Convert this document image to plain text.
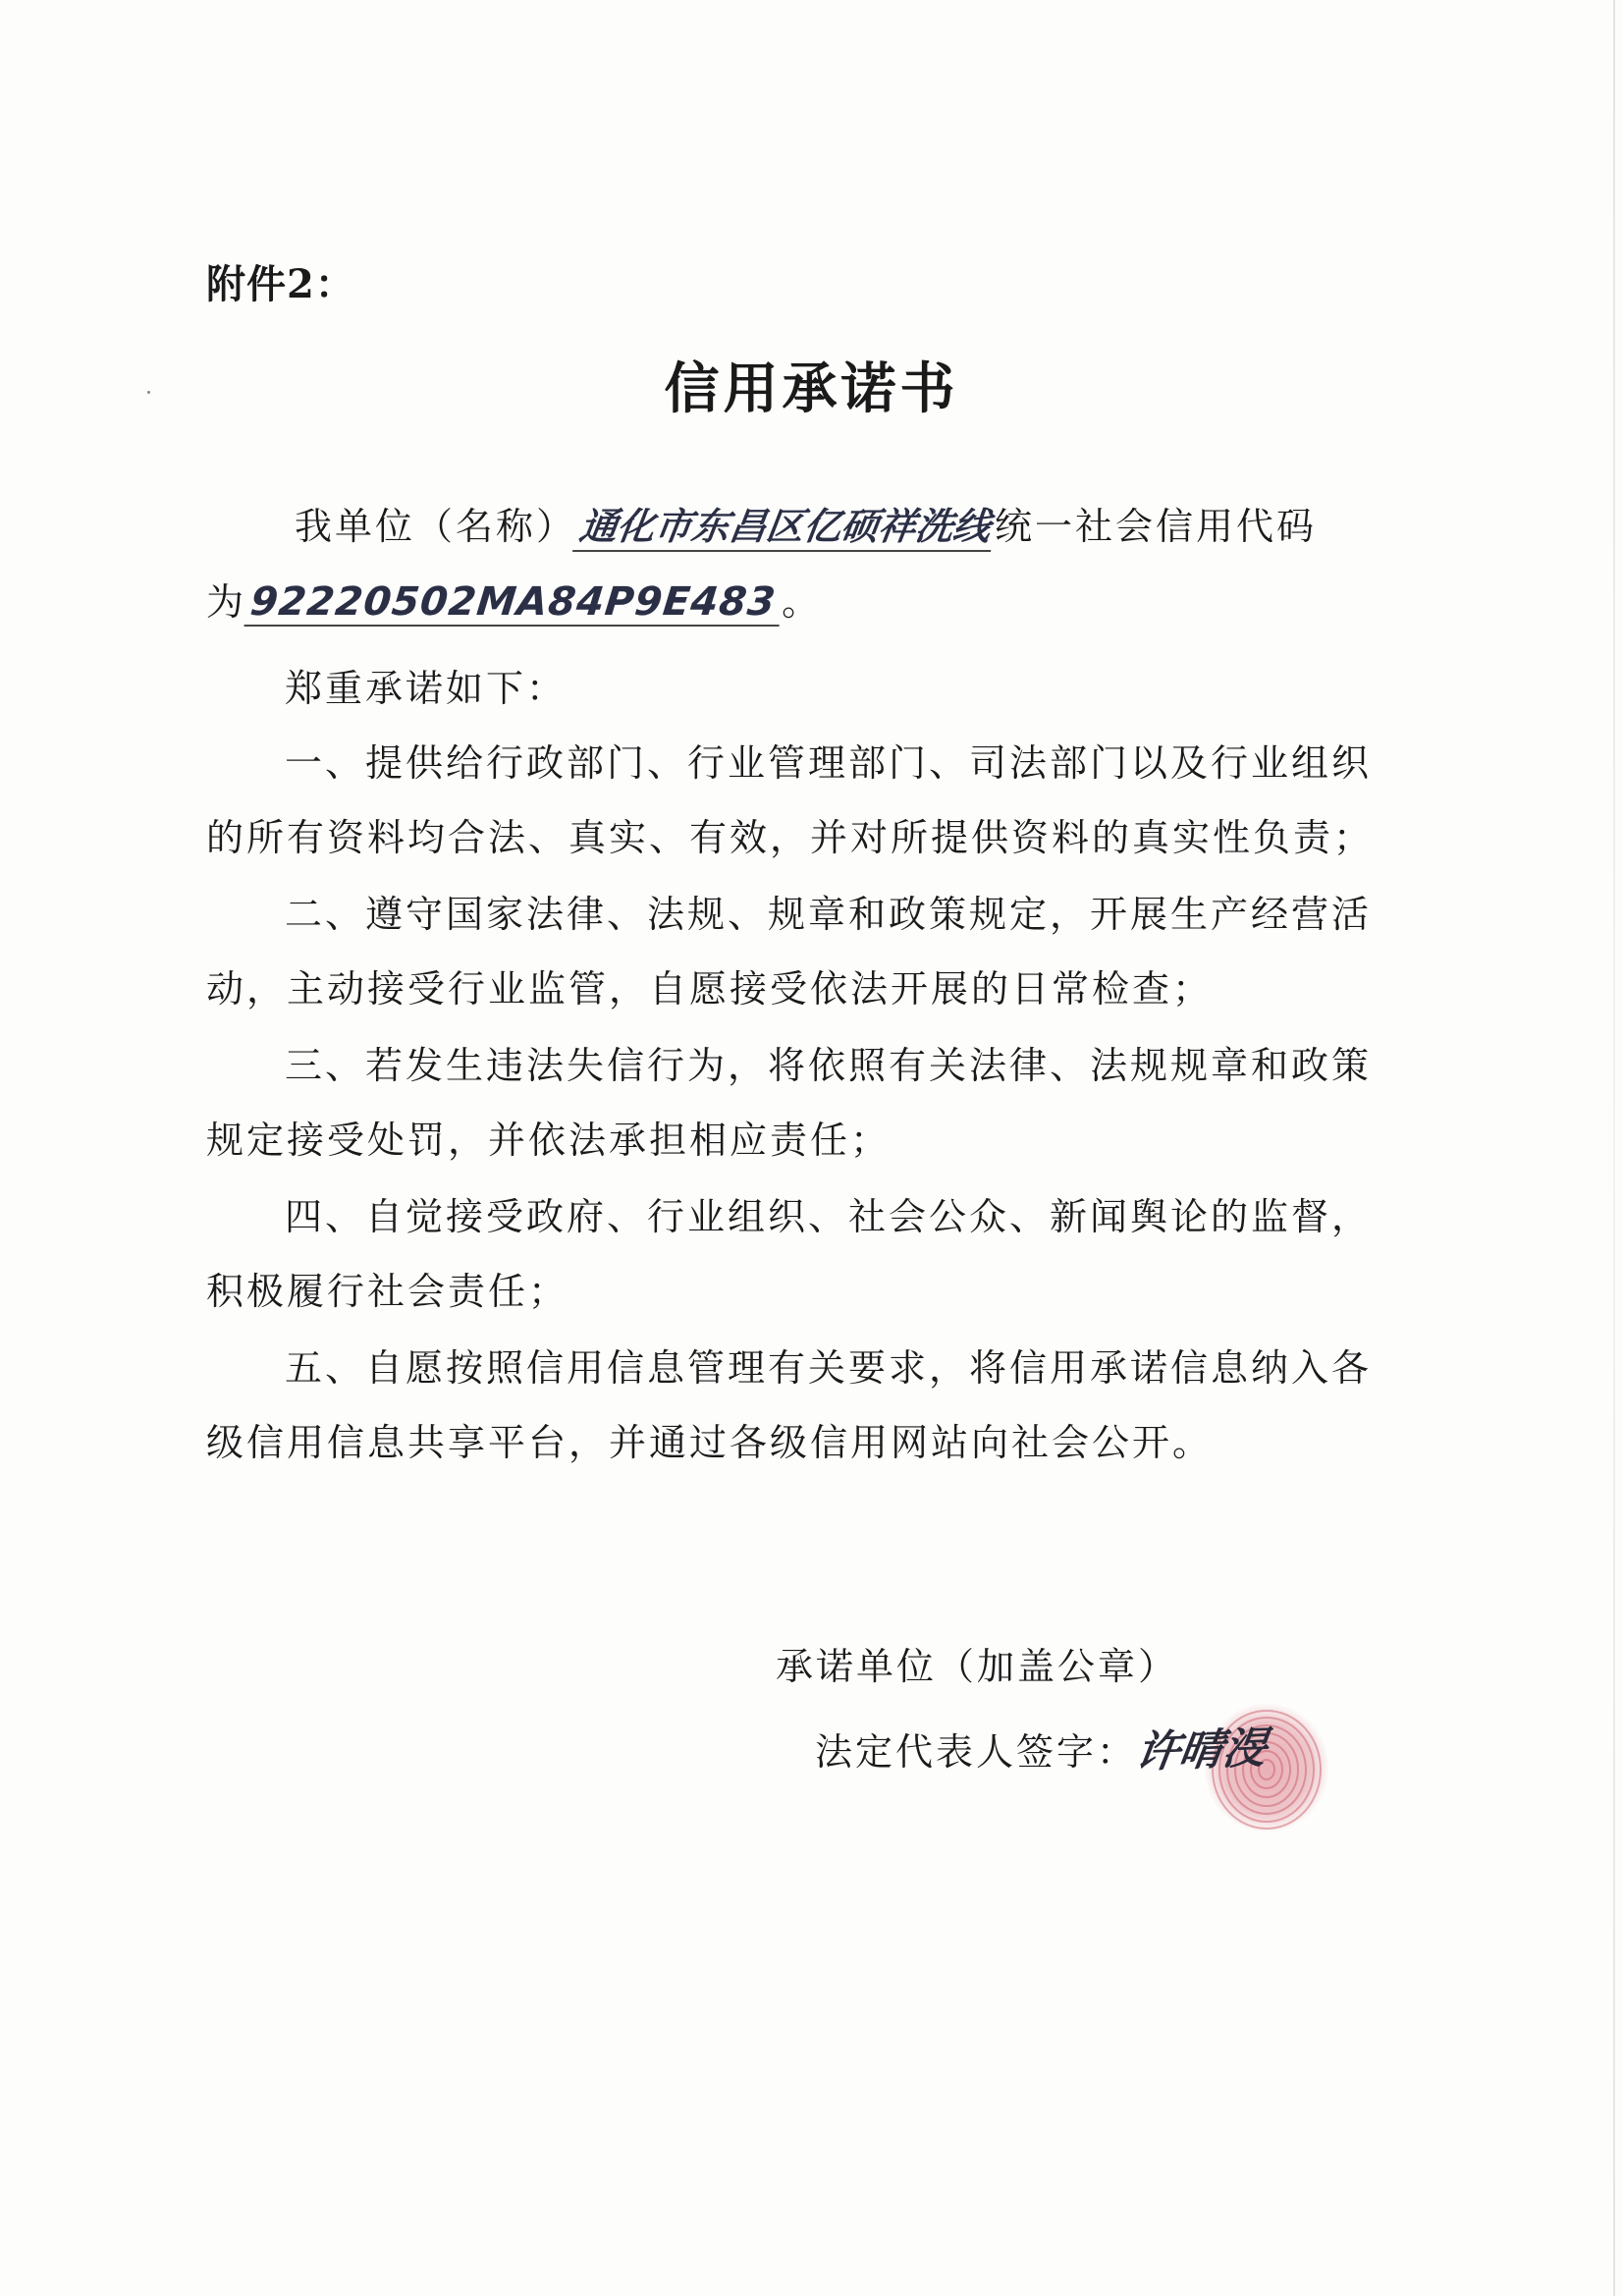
附件2：
信用承诺书
我单位（名称）通化市东昌区亿硕祥洗线统一社会信用代码
为92220502MA84P9E483。
郑重承诺如下：
一、提供给行政部门、行业管理部门、司法部门以及行业组织
的所有资料均合法、真实、有效，并对所提供资料的真实性负责；
二、遵守国家法律、法规、规章和政策规定，开展生产经营活
动，主动接受行业监管，自愿接受依法开展的日常检查；
三、若发生违法失信行为，将依照有关法律、法规规章和政策
规定接受处罚，并依法承担相应责任；
四、自觉接受政府、行业组织、社会公众、新闻舆论的监督，
积极履行社会责任；
五、自愿按照信用信息管理有关要求，将信用承诺信息纳入各
级信用信息共享平台，并通过各级信用网站向社会公开。
承诺单位（加盖公章）
法定代表人签字：许晴渂
